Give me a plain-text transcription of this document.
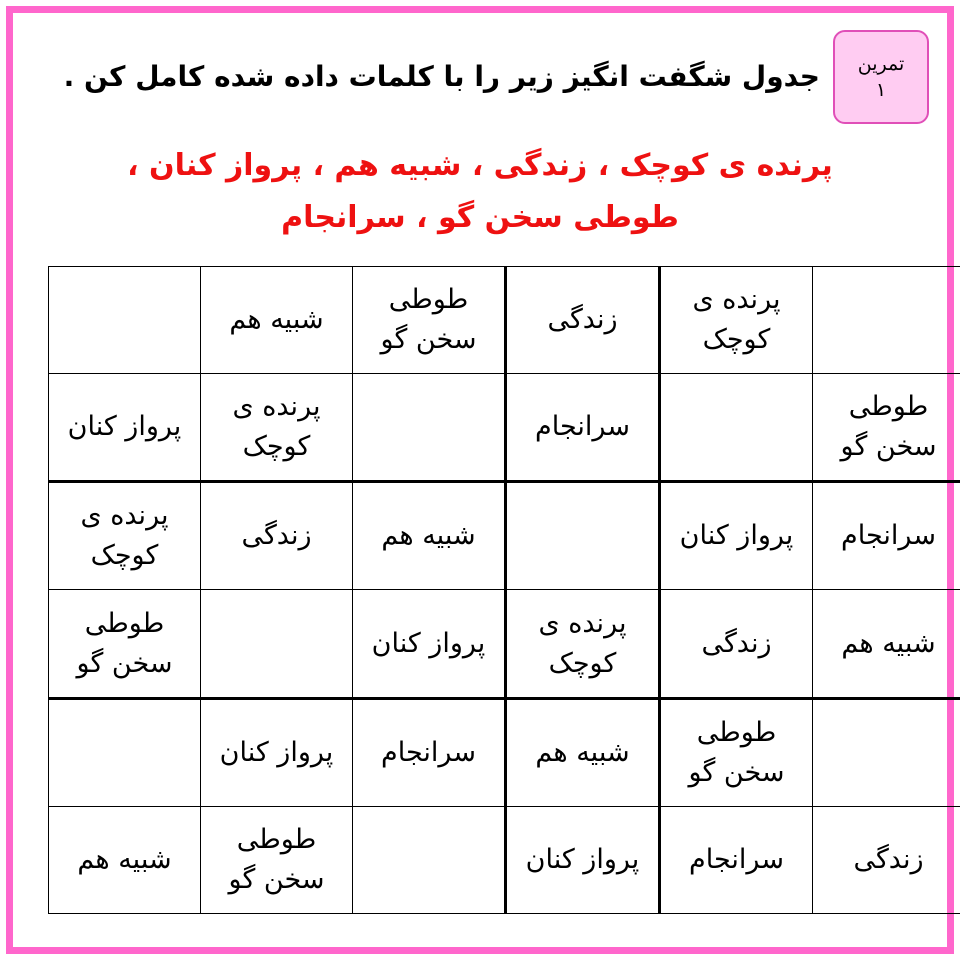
تمرین
۱
جدول شگفت انگیز زیر را با کلمات داده شده کامل کن .
پرنده ی کوچک ، زندگی ، شبیه هم ، پرواز کنان ،
طوطی سخن گو ، سرانجام
	پرنده ی کوچک	زندگی	طوطی سخن گو	شبیه هم	
طوطی سخن گو		سرانجام		پرنده ی کوچک	پرواز کنان
سرانجام	پرواز کنان		شبیه هم	زندگی	پرنده ی کوچک
شبیه هم	زندگی	پرنده ی کوچک	پرواز کنان		طوطی سخن گو
	طوطی سخن گو	شبیه هم	سرانجام	پرواز کنان	
زندگی	سرانجام	پرواز کنان		طوطی سخن گو	شبیه هم
